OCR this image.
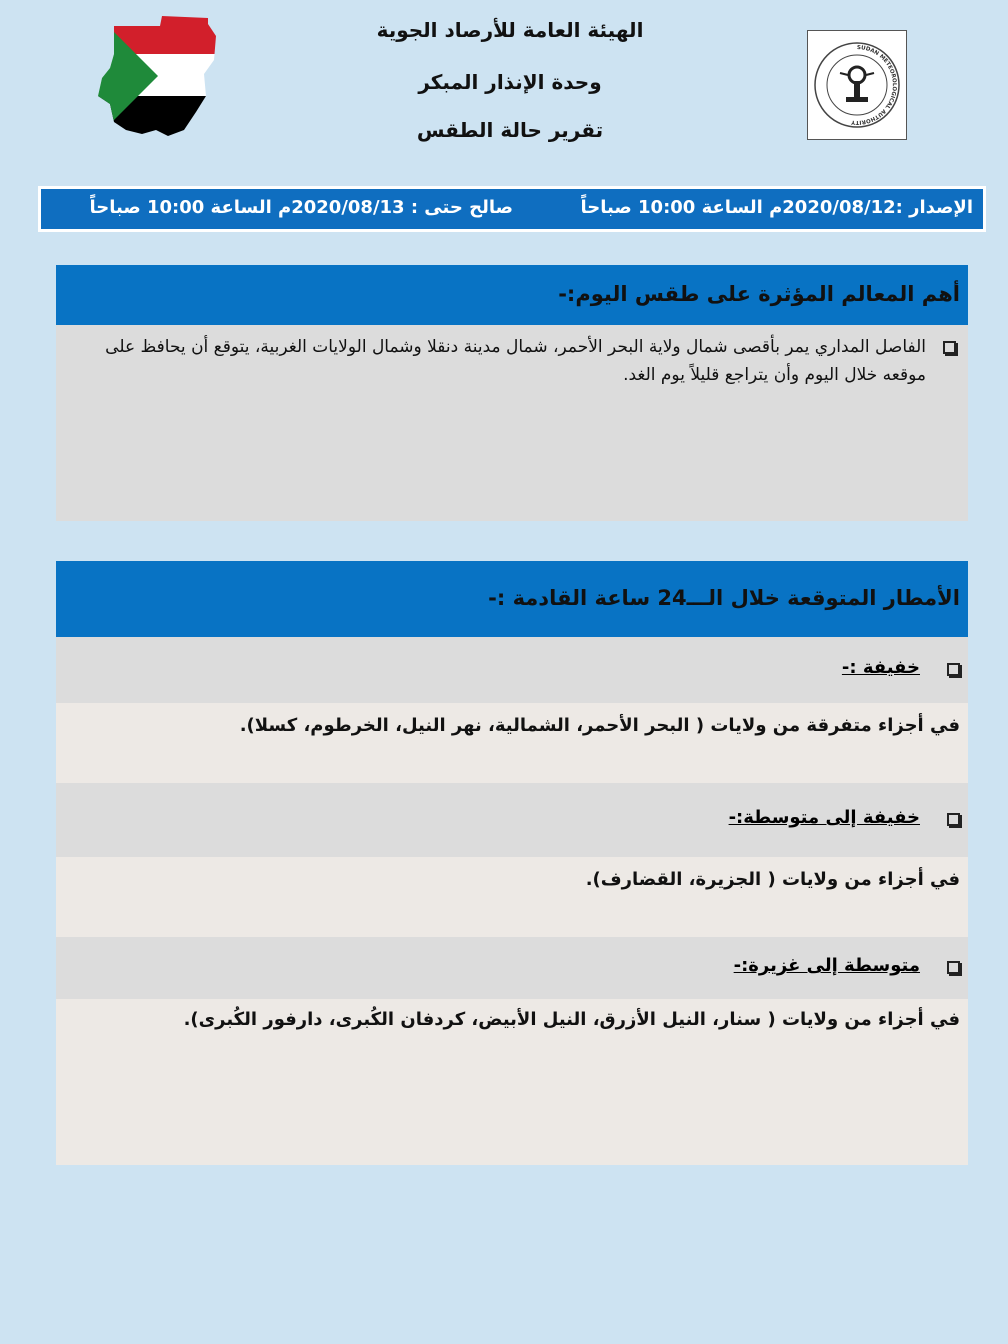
الهيئة العامة للأرصاد الجوية
وحدة الإنذار المبكر
تقرير حالة الطقس
SUDAN METEOROLOGICAL AUTHORITY
الإصدار :2020/08/12م الساعة 10:00 صباحاً
صالح حتى : 2020/08/13م الساعة 10:00 صباحاً
أهم المعالم المؤثرة على طقس اليوم:-
الفاصل المداري يمر بأقصى شمال ولاية البحر الأحمر، شمال مدينة دنقلا وشمال الولايات الغربية، يتوقع أن يحافظ على موقعه خلال اليوم وأن يتراجع قليلاً يوم الغد.
الأمطار المتوقعة خلال الـــ24 ساعة القادمة :-
خفيفة :-
في أجزاء متفرقة من ولايات ( البحر الأحمر، الشمالية، نهر النيل، الخرطوم، كسلا).
خفيفة إلى متوسطة:-
في أجزاء من ولايات ( الجزيرة، القضارف).
متوسطة إلى غزيرة:-
في أجزاء من ولايات ( سنار، النيل الأزرق، النيل الأبيض، كردفان الكُبرى، دارفور الكُبرى).
